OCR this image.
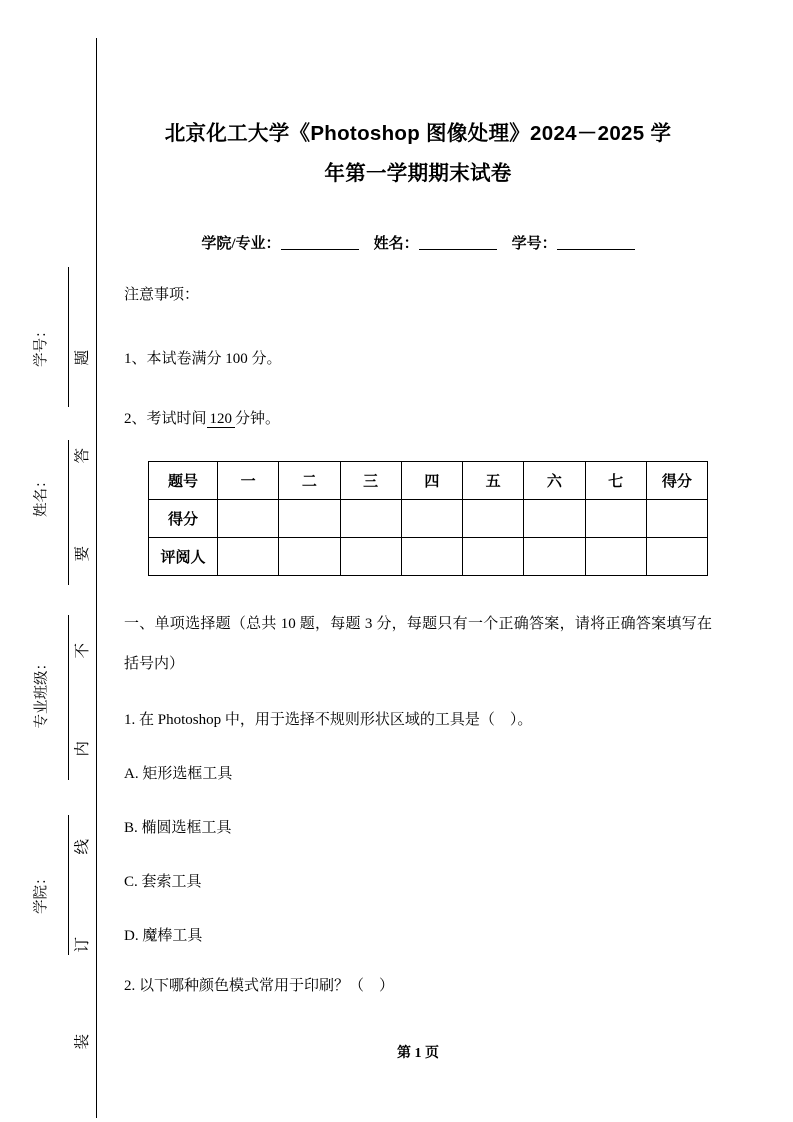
题
答
要
不
内
线
订
装
学号：
姓名：
专业班级：
学院：
北京化工大学《Photoshop 图像处理》2024－2025 学
年第一学期期末试卷
学院/专业：	姓名：	学号：
注意事项：
1、本试卷满分 100 分。
2、考试时间 120 分钟。
题号	一	二	三	四	五	六	七	得分
得分								
评阅人								
一、单项选择题（总共 10 题，每题 3 分，每题只有一个正确答案，请将正确答案填写在括号内）
1. 在 Photoshop 中，用于选择不规则形状区域的工具是（　）。
A. 矩形选框工具
B. 椭圆选框工具
C. 套索工具
D. 魔棒工具
2. 以下哪种颜色模式常用于印刷？（　）
第 1 页
